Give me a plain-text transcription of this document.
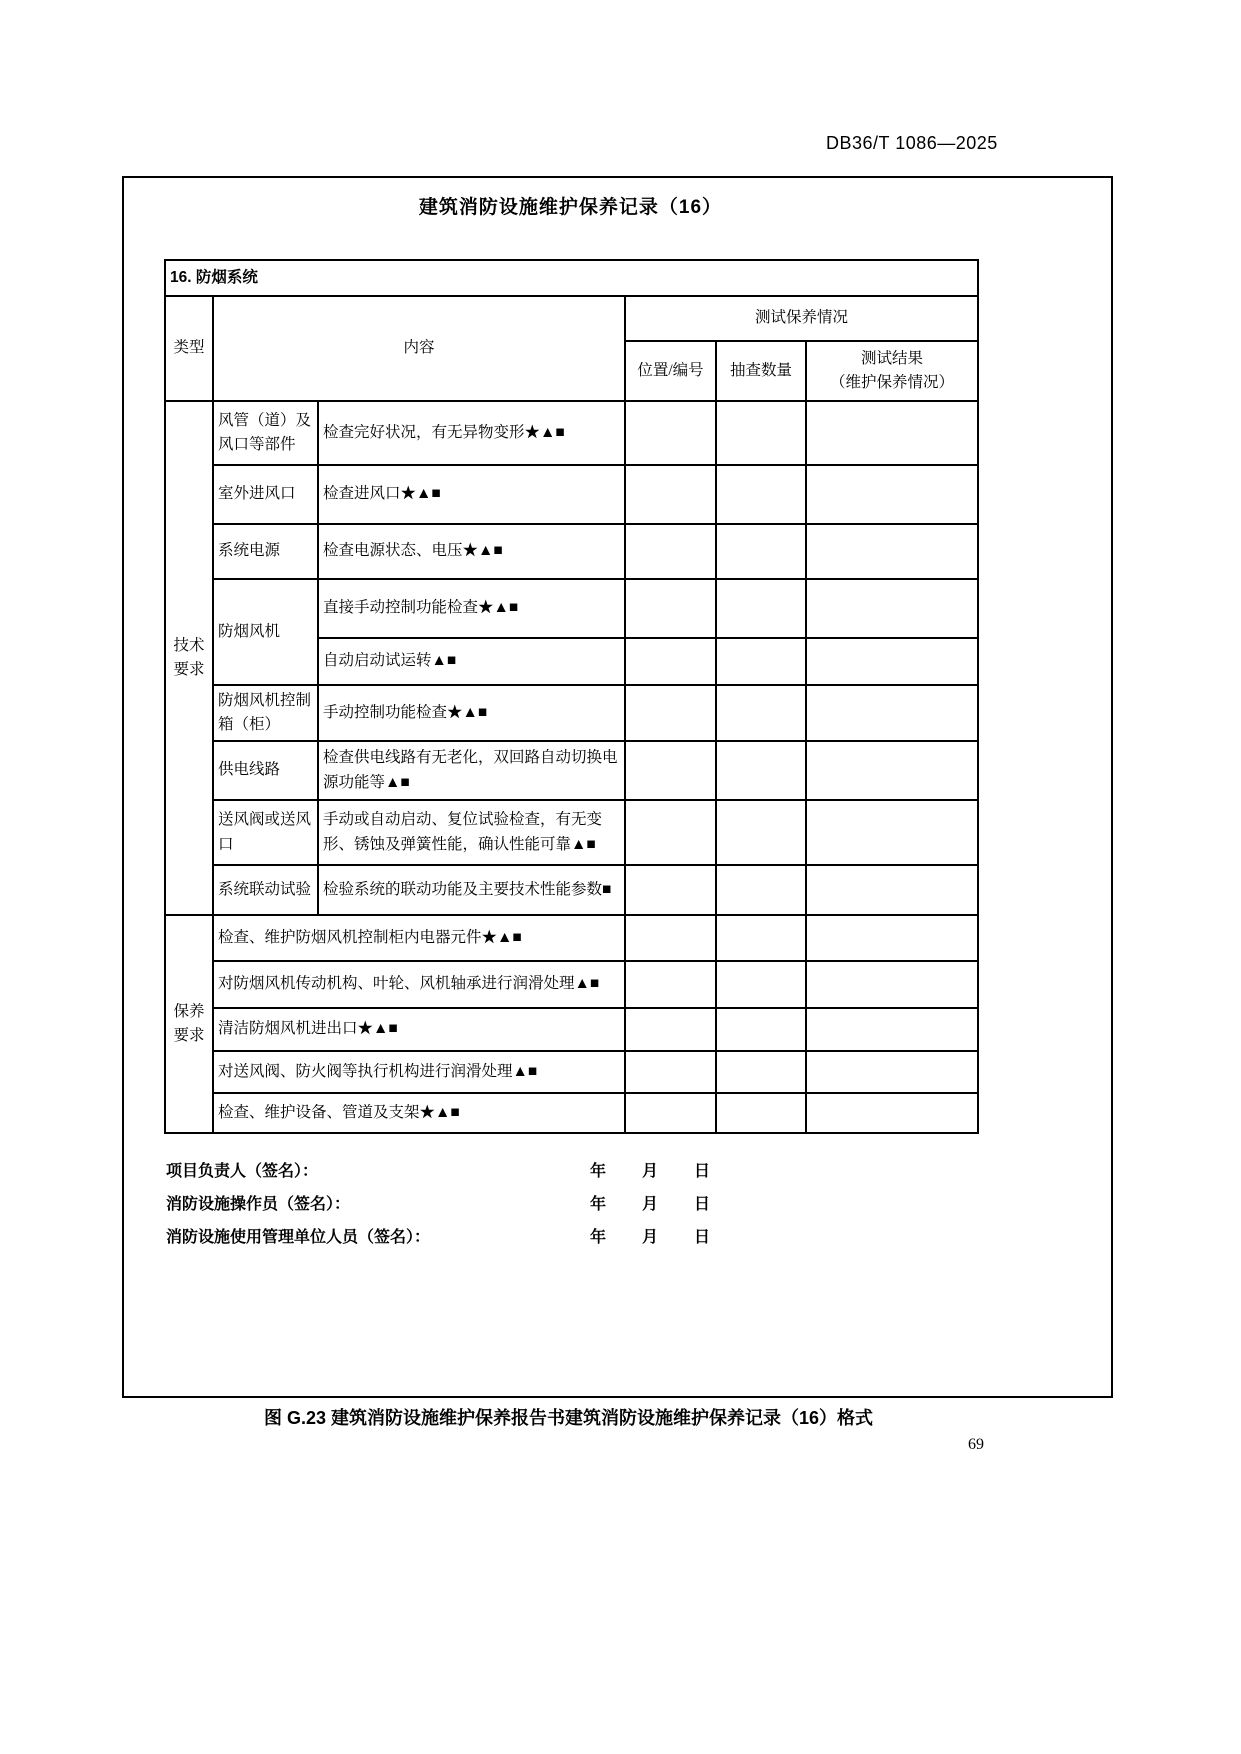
DB36/T 1086—2025
建筑消防设施维护保养记录（16）
16. 防烟系统					
类型	内容		测试保养情况		
			位置/编号	抽查数量	测试结果
（维护保养情况）

技术要求	风管（道）及风口等部件	检查完好状况，有无异物变形★▲■			
	室外进风口	检查进风口★▲■			
	系统电源	检查电源状态、电压★▲■			
	防烟风机	直接手动控制功能检查★▲■			
		自动启动试运转▲■			
	防烟风机控制箱（柜）	手动控制功能检查★▲■			
	供电线路	检查供电线路有无老化，双回路自动切换电源功能等▲■			
	送风阀或送风口	手动或自动启动、复位试验检查，有无变形、锈蚀及弹簧性能，确认性能可靠▲■			
	系统联动试验	检验系统的联动功能及主要技术性能参数■			
保养要求	检查、维护防烟风机控制柜内电器元件★▲■				
	对防烟风机传动机构、叶轮、风机轴承进行润滑处理▲■				
	清洁防烟风机进出口★▲■				
	对送风阀、防火阀等执行机构进行润滑处理▲■				
	检查、维护设备、管道及支架★▲■				
项目负责人（签名）：	年 月 日
消防设施操作员（签名）：	年 月 日
消防设施使用管理单位人员（签名）：	年 月 日
图 G.23 建筑消防设施维护保养报告书建筑消防设施维护保养记录（16）格式
69
